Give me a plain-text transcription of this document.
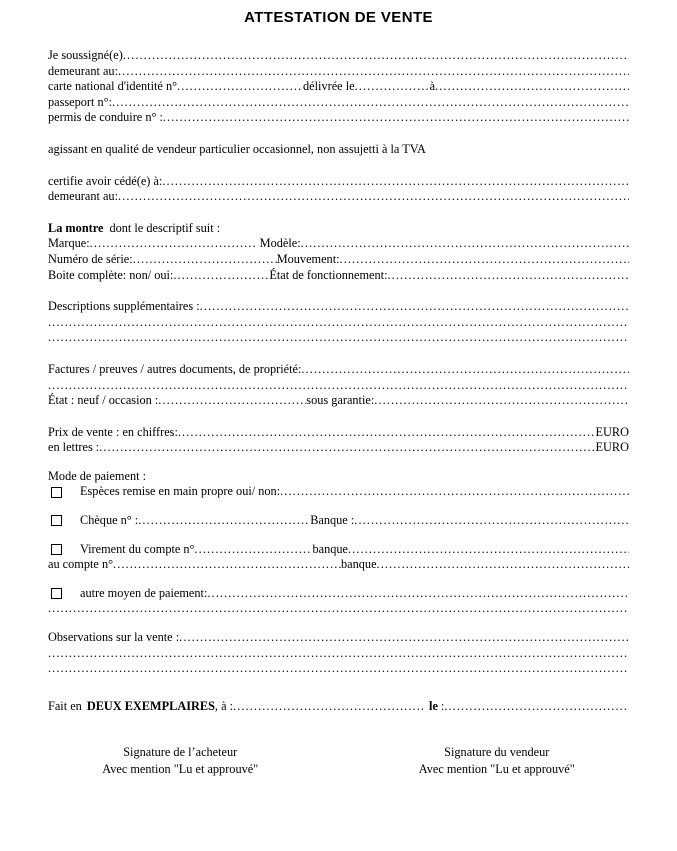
ATTESTATION DE VENTE
Je soussigné(e)
.....
demeurant au:
.....
carte national d'identité n° .....	délivrée le .....	à
.....
passeport n°:
.....
permis de conduire n° :
.....
agissant en qualité de vendeur particulier occasionnel, non assujetti à la TVA
certifie avoir cédé(e) à:
.....
demeurant au:
.....
La montre dont le descriptif suit :
Marque: .....	Modèle:
.....
Numéro de série: .....	Mouvement:
.....
Boite complète: non/ oui: .....	État de fonctionnement:
.....
Descriptions supplémentaires :
.....
.....
.....
Factures / preuves / autres documents, de propriété:
.....
.....
État : neuf / occasion : .....	sous garantie:
.....
Prix de vente : en chiffres: .....	EURO
en lettres : .....	EURO
Mode de paiement :
Espèces remise en main propre oui/ non:
.....
Chèque n° : .....	Banque :
.....
Virement du compte n° .....	banque
.....
au compte n° .....	banque
.....
autre moyen de paiement:
.....
.....
Observations sur la vente :
.....
.....
.....
Fait en DEUX EXEMPLAIRES , à : .....	le :
.....
Signature de l’acheteur
Avec mention "Lu et approuvé"
Signature du vendeur
Avec mention "Lu et approuvé"
